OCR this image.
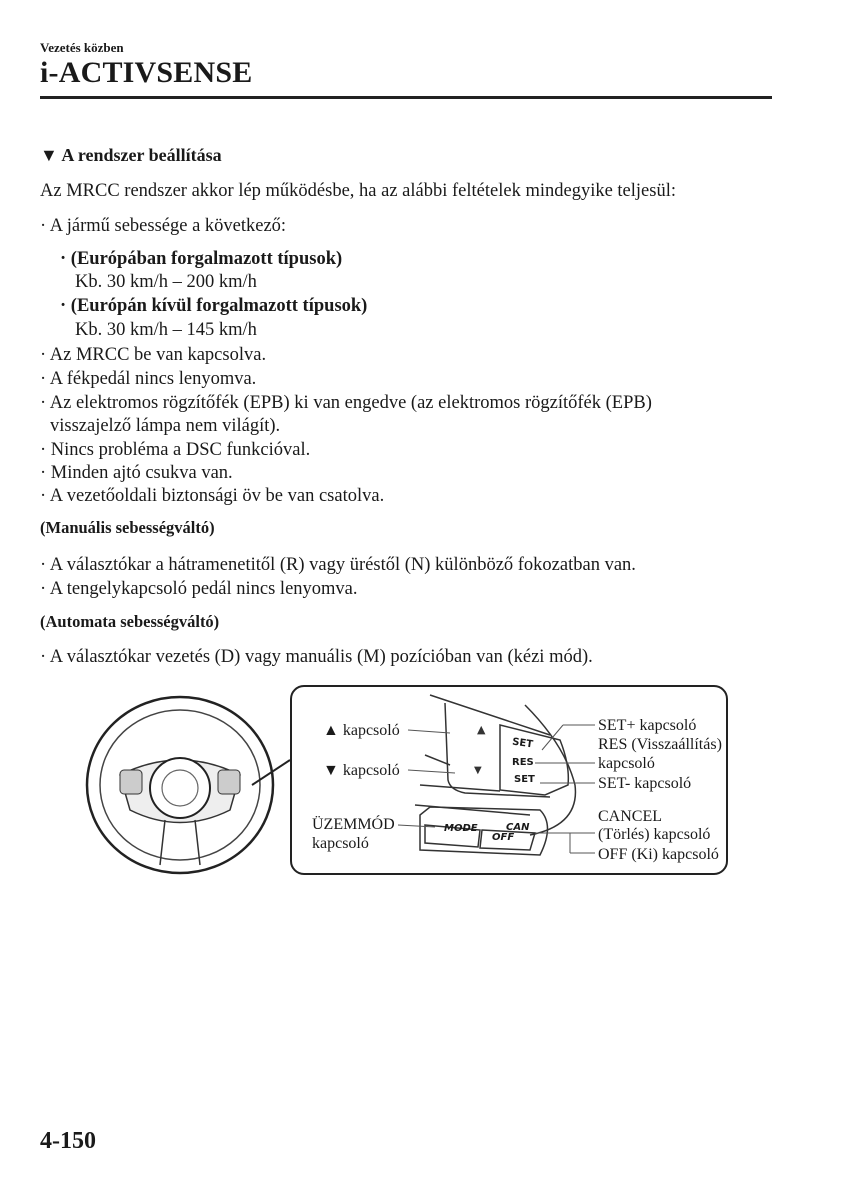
Vezetés közben
i-ACTIVSENSE
▼ A rendszer beállítása
Az MRCC rendszer akkor lép működésbe, ha az alábbi feltételek mindegyike teljesül:
· A jármű sebessége a következő:
· (Európában forgalmazott típusok)
Kb. 30 km/h – 200 km/h
· (Európán kívül forgalmazott típusok)
Kb. 30 km/h – 145 km/h
· Az MRCC be van kapcsolva.
· A fékpedál nincs lenyomva.
· Az elektromos rögzítőfék (EPB) ki van engedve (az elektromos rögzítőfék (EPB)
visszajelző lámpa nem világít).
· Nincs probléma a DSC funkcióval.
· Minden ajtó csukva van.
· A vezetőoldali biztonsági öv be van csatolva.
(Manuális sebességváltó)
· A választókar a hátramenetitől (R) vagy üréstől (N) különböző fokozatban van.
· A tengelykapcsoló pedál nincs lenyomva.
(Automata sebességváltó)
· A választókar vezetés (D) vagy manuális (M) pozícióban van (kézi mód).
▲
▼
SET
RES
SET
MODE	CAN
OFF
▲ kapcsoló
▼ kapcsoló
ÜZEMMÓD
kapcsoló
SET+ kapcsoló
RES (Visszaállítás)
kapcsoló
SET- kapcsoló
CANCEL
(Törlés) kapcsoló
OFF (Ki) kapcsoló
4-150
